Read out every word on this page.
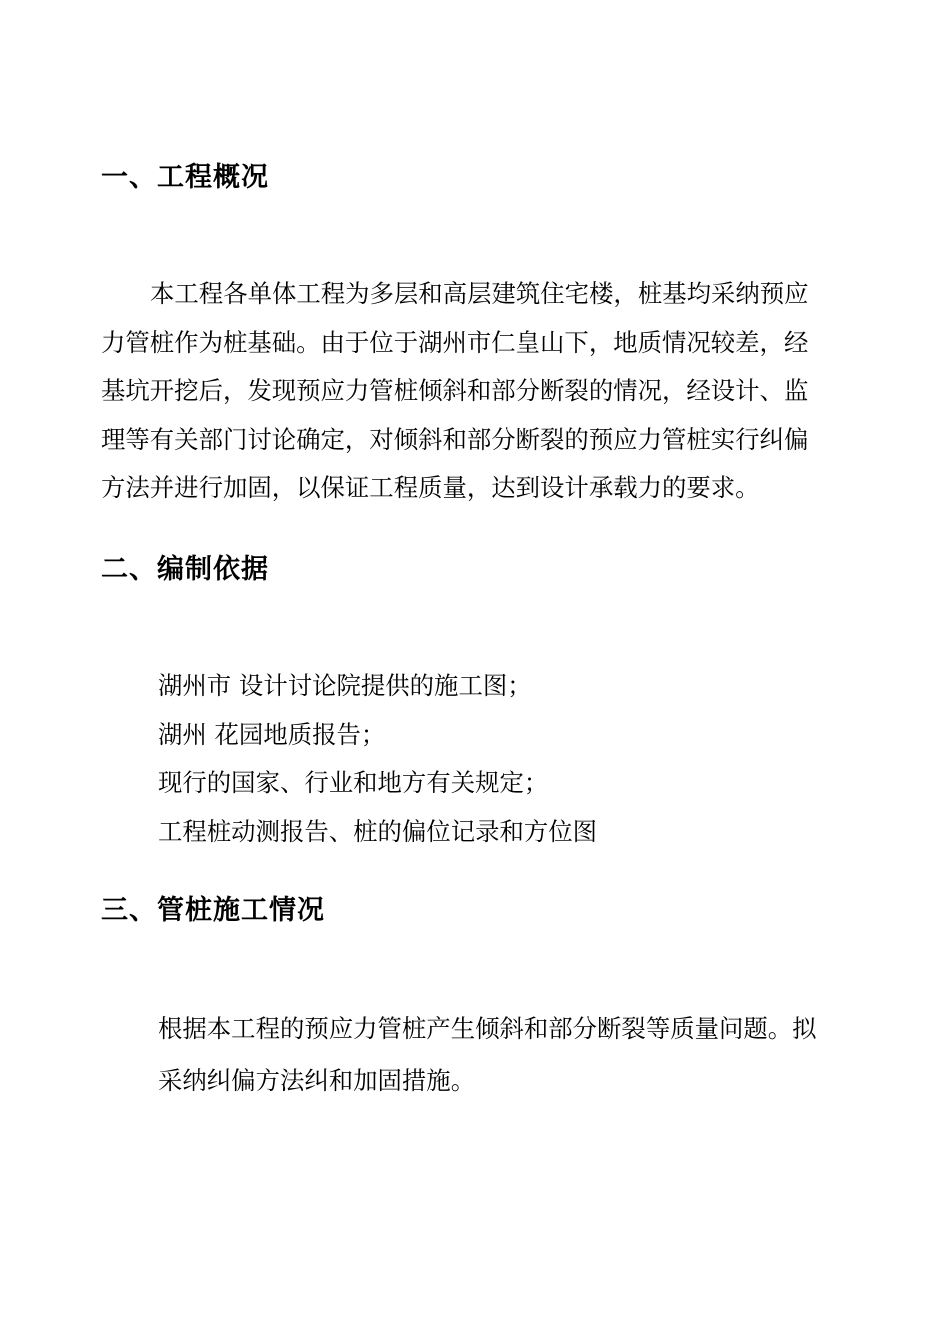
一、工程概况

本工程各单体工程为多层和高层建筑住宅楼，桩基均采纳预应
力管桩作为桩基础。由于位于湖州市仁皇山下，地质情况较差，经
基坑开挖后，发现预应力管桩倾斜和部分断裂的情况，经设计、监
理等有关部门讨论确定，对倾斜和部分断裂的预应力管桩实行纠偏
方法并进行加固，以保证工程质量，达到设计承载力的要求。

二、编制依据
湖州市 设计讨论院提供的施工图；
湖州 花园地质报告；
现行的国家、行业和地方有关规定；
工程桩动测报告、桩的偏位记录和方位图
三、管桩施工情况

根据本工程的预应力管桩产生倾斜和部分断裂等质量问题。拟
采纳纠偏方法纠和加固措施。
